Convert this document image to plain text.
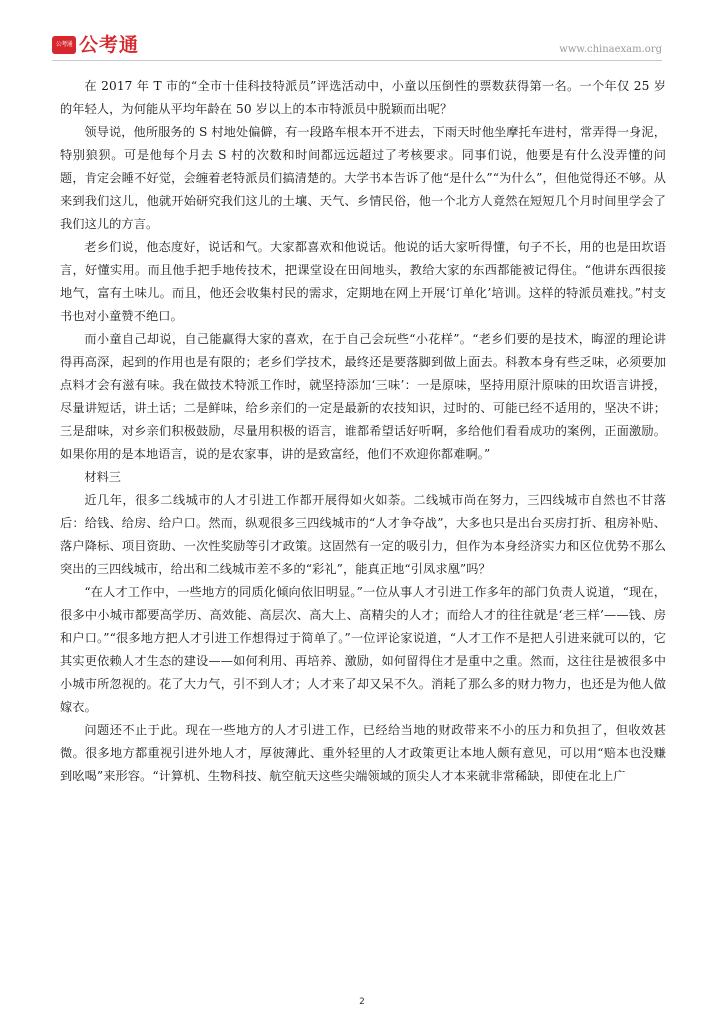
公考通 公考通	www.chinaexam.org

在 2017 年 T 市的“全市十佳科技特派员”评选活动中，小童以压倒性的票数获得第一名。一个年仅 25 岁的年轻人，为何能从平均年龄在 50 岁以上的本市特派员中脱颖而出呢？

领导说，他所服务的 S 村地处偏僻，有一段路车根本开不进去，下雨天时他坐摩托车进村，常弄得一身泥，特别狼狈。可是他每个月去 S 村的次数和时间都远远超过了考核要求。同事们说，他要是有什么没弄懂的问题，肯定会睡不好觉，会缠着老特派员们搞清楚的。大学书本告诉了他“是什么”“为什么”，但他觉得还不够。从来到我们这儿，他就开始研究我们这儿的土壤、天气、乡情民俗，他一个北方人竟然在短短几个月时间里学会了我们这儿的方言。

老乡们说，他态度好，说话和气。大家都喜欢和他说话。他说的话大家听得懂，句子不长，用的也是田坎语言，好懂实用。而且他手把手地传技术，把课堂设在田间地头，教给大家的东西都能被记得住。“他讲东西很接地气，富有土味儿。而且，他还会收集村民的需求，定期地在网上开展‘订单化’培训。这样的特派员难找。”村支书也对小童赞不绝口。

而小童自己却说，自己能赢得大家的喜欢，在于自己会玩些“小花样”。“老乡们要的是技术，晦涩的理论讲得再高深，起到的作用也是有限的；老乡们学技术，最终还是要落脚到做上面去。科教本身有些乏味，必须要加点料才会有滋有味。我在做技术特派工作时，就坚持添加‘三味’：一是原味，坚持用原汁原味的田坎语言讲授，尽量讲短话，讲土话；二是鲜味，给乡亲们的一定是最新的农技知识，过时的、可能已经不适用的，坚决不讲；三是甜味，对乡亲们积极鼓励，尽量用积极的语言，谁都希望话好听啊，多给他们看看成功的案例，正面激励。如果你用的是本地语言，说的是农家事，讲的是致富经，他们不欢迎你都难啊。”

材料三

近几年，很多二线城市的人才引进工作都开展得如火如荼。二线城市尚在努力，三四线城市自然也不甘落后：给钱、给房、给户口。然而，纵观很多三四线城市的“人才争夺战”，大多也只是出台买房打折、租房补贴、落户降标、项目资助、一次性奖励等引才政策。这固然有一定的吸引力，但作为本身经济实力和区位优势不那么突出的三四线城市，给出和二线城市差不多的“彩礼”，能真正地“引凤求凰”吗？

“在人才工作中，一些地方的同质化倾向依旧明显。”一位从事人才引进工作多年的部门负责人说道，“现在，很多中小城市都要高学历、高效能、高层次、高大上、高精尖的人才；而给人才的往往就是‘老三样’——钱、房和户口。”“很多地方把人才引进工作想得过于简单了。”一位评论家说道，“人才工作不是把人引进来就可以的，它其实更依赖人才生态的建设——如何利用、再培养、激励，如何留得住才是重中之重。然而，这往往是被很多中小城市所忽视的。花了大力气，引不到人才；人才来了却又呆不久。消耗了那么多的财力物力，也还是为他人做嫁衣。

问题还不止于此。现在一些地方的人才引进工作，已经给当地的财政带来不小的压力和负担了，但收效甚微。很多地方都重视引进外地人才，厚彼薄此、重外轻里的人才政策更让本地人颇有意见，可以用“赔本也没赚到吆喝”来形容。“计算机、生物科技、航空航天这些尖端领域的顶尖人才本来就非常稀缺，即使在北上广

2
